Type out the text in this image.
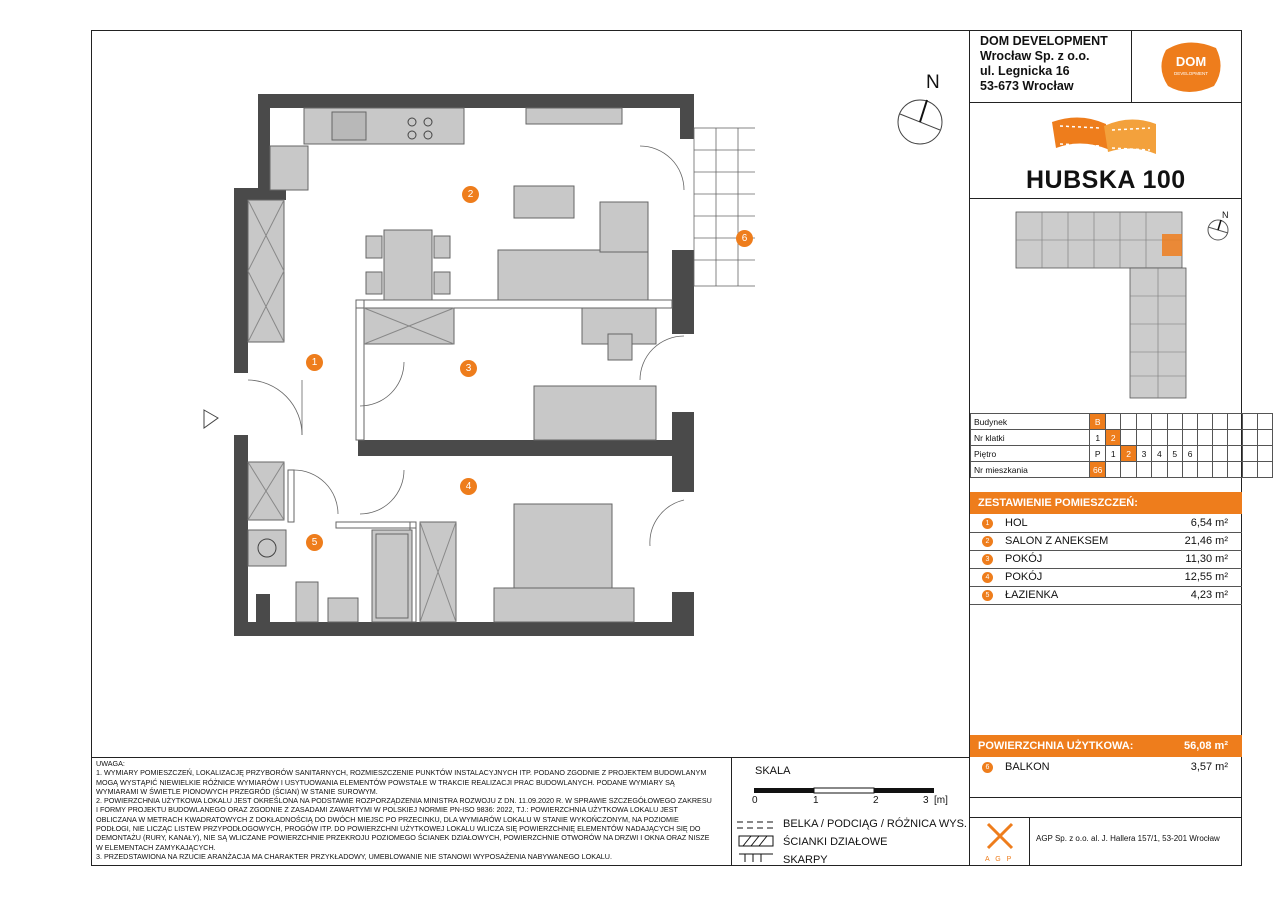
1
2
3
4
5
6
N
DOM DEVELOPMENT
Wrocław Sp. z o.o.
ul. Legnicka 16
53-673 Wrocław
DOM
DEVELOPMENT
HUBSKA 100
N
Budynek	B											
Nr klatki	1	2										
Piętro	P	1	2	3	4	5	6					
Nr mieszkania	66											
ZESTAWIENIE POMIESZCZEŃ:
1	HOL	6,54 m²
2	SALON Z ANEKSEM	21,46 m²
3	POKÓJ	11,30 m²
4	POKÓJ	12,55 m²
5	ŁAZIENKA	4,23 m²
POWIERZCHNIA UŻYTKOWA:	56,08 m²
6	BALKON	3,57 m²
UWAGA:
1. WYMIARY POMIESZCZEŃ, LOKALIZACJĘ PRZYBORÓW SANITARNYCH, ROZMIESZCZENIE PUNKTÓW INSTALACYJNYCH ITP. PODANO ZGODNIE Z PROJEKTEM BUDOWLANYM
MOGĄ WYSTĄPIĆ NIEWIELKIE RÓŻNICE WYMIARÓW I USYTUOWANIA ELEMENTÓW POWSTAŁE W TRAKCIE REALIZACJI PRAC BUDOWLANYCH. PODANE WYMIARY SĄ
WYMIARAMI W ŚWIETLE PIONOWYCH PRZEGRÓD (ŚCIAN) W STANIE SUROWYM.
2. POWIERZCHNIA UŻYTKOWA LOKALU JEST OKREŚLONA NA PODSTAWIE ROZPORZĄDZENIA MINISTRA ROZWOJU Z DN. 11.09.2020 R. W SPRAWIE SZCZEGÓŁOWEGO ZAKRESU
I FORMY PROJEKTU BUDOWLANEGO ORAZ ZGODNIE Z ZASADAMI ZAWARTYMI W POLSKIEJ NORMIE PN-ISO 9836: 2022, TJ.: POWIERZCHNIA UŻYTKOWA LOKALU JEST
OBLICZANA W METRACH KWADRATOWYCH Z DOKŁADNOŚCIĄ DO DWÓCH MIEJSC PO PRZECINKU, DLA WYMIARÓW LOKALU W STANIE WYKOŃCZONYM, NA POZIOMIE
PODŁOGI, NIE LICZĄC LISTEW PRZYPODŁOGOWYCH, PROGÓW ITP. DO POWIERZCHNI UŻYTKOWEJ LOKALU WLICZA SIĘ POWIERZCHNIĘ ELEMENTÓW NADAJĄCYCH SIĘ DO
DEMONTAŻU (RURY, KANAŁY), NIE SĄ WLICZANE POWIERZCHNIE PRZEKROJU POZIOMEGO ŚCIANEK DZIAŁOWYCH, POWIERZCHNIE OTWORÓW NA DRZWI I OKNA ORAZ NISZE
W ELEMENTACH ZAMYKAJĄCYCH.
3. PRZEDSTAWIONA NA RZUCIE ARANŻACJA MA CHARAKTER PRZYKŁADOWY, UMEBLOWANIE NIE STANOWI WYPOSAŻENIA NABYWANEGO LOKALU.
SKALA
0	1	2	3 [m]
BELKA / PODCIĄG / RÓŻNICA WYS.
ŚCIANKI DZIAŁOWE
SKARPY	A G P
AGP Sp. z o.o. al. J. Hallera 157/1, 53-201 Wrocław
